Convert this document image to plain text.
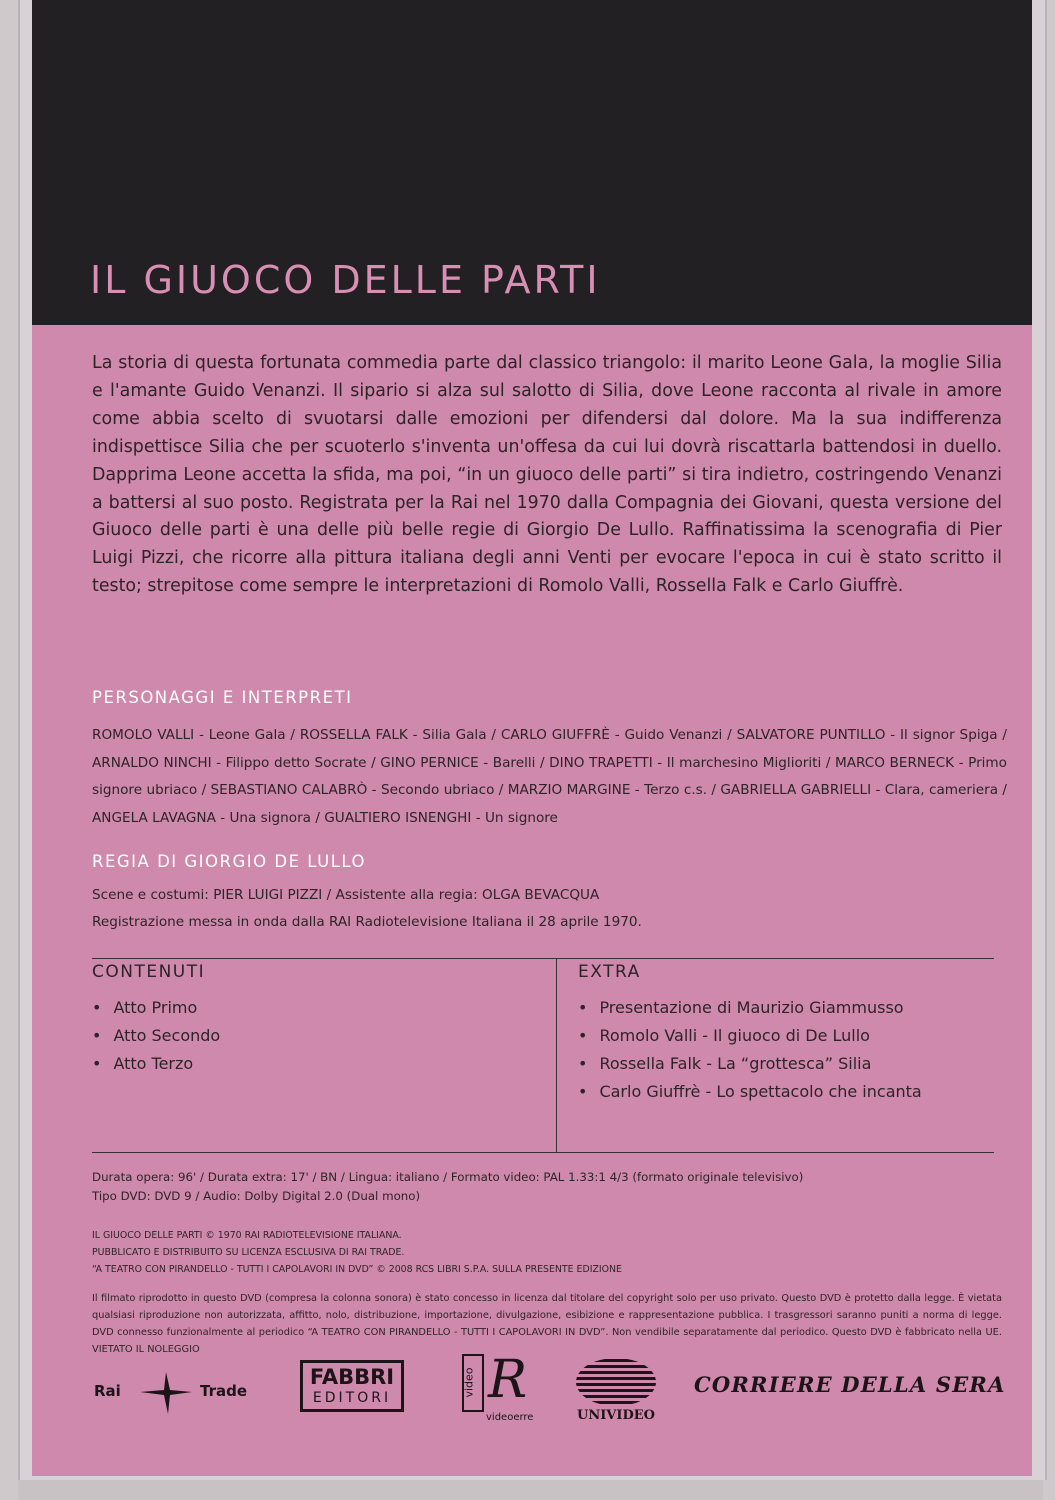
IL GIUOCO DELLE PARTI
La storia di questa fortunata commedia parte dal classico triangolo: il marito Leone Gala, la moglie Silia e l'amante Guido Venanzi. Il sipario si alza sul salotto di Silia, dove Leone racconta al rivale in amore come abbia scelto di svuotarsi dalle emozioni per difendersi dal dolore. Ma la sua indifferenza indispettisce Silia che per scuoterlo s'inventa un'offesa da cui lui dovrà riscattarla battendosi in duello. Dapprima Leone accetta la sfida, ma poi, “in un giuoco delle parti” si tira indietro, costringendo Venanzi a battersi al suo posto. Registrata per la Rai nel 1970 dalla Compagnia dei Giovani, questa versione del Giuoco delle parti è una delle più belle regie di Giorgio De Lullo. Raffinatissima la scenografia di Pier Luigi Pizzi, che ricorre alla pittura italiana degli anni Venti per evocare l'epoca in cui è stato scritto il testo; strepitose come sempre le interpretazioni di Romolo Valli, Rossella Falk e Carlo Giuffrè.
PERSONAGGI E INTERPRETI
ROMOLO VALLI - Leone Gala / ROSSELLA FALK - Silia Gala / CARLO GIUFFRÈ - Guido Venanzi / SALVATORE PUNTILLO - Il signor Spiga / ARNALDO NINCHI - Filippo detto Socrate / GINO PERNICE - Barelli / DINO TRAPETTI - Il marchesino Miglioriti / MARCO BERNECK - Primo signore ubriaco / SEBASTIANO CALABRÒ - Secondo ubriaco / MARZIO MARGINE - Terzo c.s. / GABRIELLA GABRIELLI - Clara, cameriera / ANGELA LAVAGNA - Una signora / GUALTIERO ISNENGHI - Un signore
REGIA DI GIORGIO DE LULLO
Scene e costumi: PIER LUIGI PIZZI / Assistente alla regia: OLGA BEVACQUA
Registrazione messa in onda dalla RAI Radiotelevisione Italiana il 28 aprile 1970.
CONTENUTI
• Atto Primo
• Atto Secondo
• Atto Terzo
EXTRA
• Presentazione di Maurizio Giammusso
• Romolo Valli - Il giuoco di De Lullo
• Rossella Falk - La “grottesca” Silia
• Carlo Giuffrè - Lo spettacolo che incanta
Durata opera: 96' / Durata extra: 17' / BN / Lingua: italiano / Formato video: PAL 1.33:1 4/3 (formato originale televisivo)
Tipo DVD: DVD 9 / Audio: Dolby Digital 2.0 (Dual mono)
IL GIUOCO DELLE PARTI © 1970 RAI RADIOTELEVISIONE ITALIANA.
PUBBLICATO E DISTRIBUITO SU LICENZA ESCLUSIVA DI RAI TRADE.
“A TEATRO CON PIRANDELLO - TUTTI I CAPOLAVORI IN DVD” © 2008 RCS LIBRI S.P.A. SULLA PRESENTE EDIZIONE
Il filmato riprodotto in questo DVD (compresa la colonna sonora) è stato concesso in licenza dal titolare del copyright solo per uso privato. Questo DVD è protetto dalla legge. È vietata qualsiasi riproduzione non autorizzata, affitto, nolo, distribuzione, importazione, divulgazione, esibizione e rappresentazione pubblica. I trasgressori saranno puniti a norma di legge. DVD connesso funzionalmente al periodico “A TEATRO CON PIRANDELLO - TUTTI I CAPOLAVORI IN DVD”. Non vendibile separatamente dal periodico. Questo DVD è fabbricato nella UE. VIETATO IL NOLEGGIO
Rai	Trade
FABBRI
EDITORI
video R
videoerre	UNIVIDEO
CORRIERE DELLA SERA
